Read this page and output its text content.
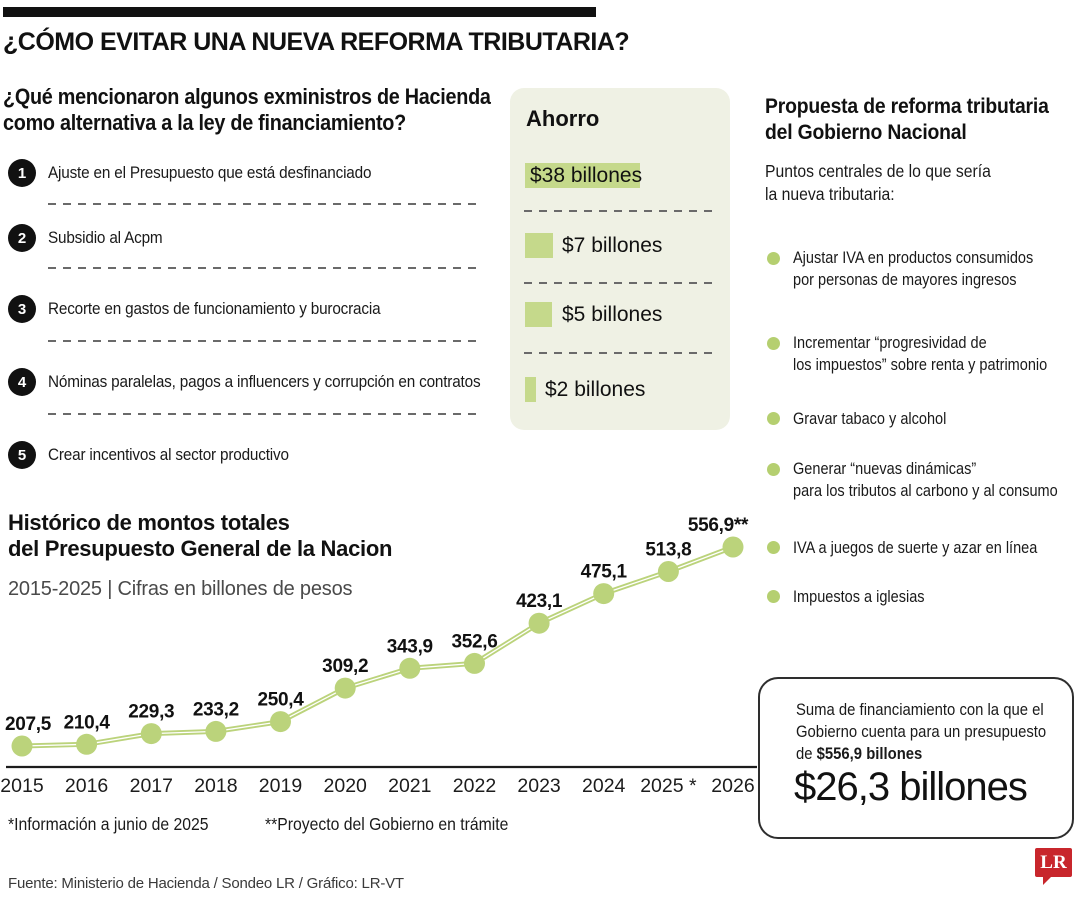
¿CÓMO EVITAR UNA NUEVA REFORMA TRIBUTARIA?
¿Qué mencionaron algunos exministros de Hacienda
como alternativa a la ley de financiamiento?
1	Ajuste en el Presupuesto que está desfinanciado
2	Subsidio al Acpm
3	Recorte en gastos de funcionamiento y burocracia
4	Nóminas paralelas, pagos a influencers y corrupción en contratos
5	Crear incentivos al sector productivo
Ahorro
$38 billones
$7 billones
$5 billones
$2 billones
Propuesta de reforma tributaria
del Gobierno Nacional
Puntos centrales de lo que sería
la nueva tributaria:
Ajustar IVA en productos consumidos
por personas de mayores ingresos
Incrementar “progresividad de
los impuestos” sobre renta y patrimonio
Gravar tabaco y alcohol
Generar “nuevas dinámicas”
para los tributos al carbono y al consumo
IVA a juegos de suerte y azar en línea
Impuestos a iglesias
Histórico de montos totales
del Presupuesto General de la Nacion
2015-2025 | Cifras en billones de pesos
207,5 210,4
229,3 233,2 250,4
309,2
343,9 352,6
423,1
475,1
513,8
556,9**
2015 2016 2017 2018 2019 2020 2021 2022 2023 2024 2025 * 2026
*Información a junio de 2025	**Proyecto del Gobierno en trámite
Suma de financiamiento con la que el
Gobierno cuenta para un presupuesto
de $556,9 billones
$26,3 billones
LR
Fuente: Ministerio de Hacienda / Sondeo LR / Gráfico: LR-VT
